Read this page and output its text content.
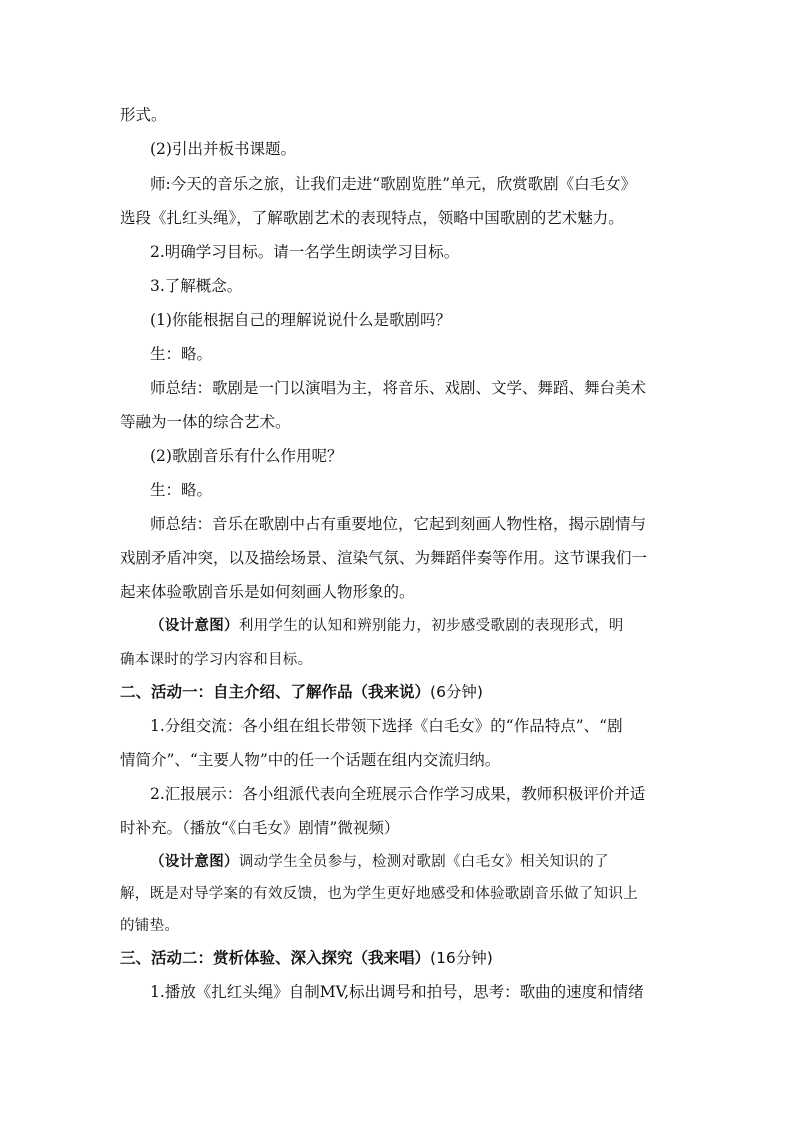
形式。
(2)引出并板书课题。
师:今天的音乐之旅，让我们走进“歌剧览胜”单元，欣赏歌剧《白毛女》
选段《扎红头绳》，了解歌剧艺术的表现特点，领略中国歌剧的艺术魅力。
2.明确学习目标。请一名学生朗读学习目标。
3.了解概念。
(1)你能根据自己的理解说说什么是歌剧吗？
生：略。
师总结：歌剧是一门以演唱为主，将音乐、戏剧、文学、舞蹈、舞台美术
等融为一体的综合艺术。
(2)歌剧音乐有什么作用呢？
生：略。
师总结：音乐在歌剧中占有重要地位，它起到刻画人物性格，揭示剧情与
戏剧矛盾冲突，以及描绘场景、渲染气氛、为舞蹈伴奏等作用。这节课我们一
起来体验歌剧音乐是如何刻画人物形象的。
（设计意图）利用学生的认知和辨别能力，初步感受歌剧的表现形式，明
确本课时的学习内容和目标。
二、活动一：自主介绍、了解作品（我来说）(6分钟)
1.分组交流：各小组在组长带领下选择《白毛女》的“作品特点”、“剧
情简介”、“主要人物”中的任一个话题在组内交流归纳。
2.汇报展示：各小组派代表向全班展示合作学习成果，教师积极评价并适
时补充。（播放“《白毛女》剧情”微视频）
（设计意图）调动学生全员参与，检测对歌剧《白毛女》相关知识的了
解，既是对导学案的有效反馈，也为学生更好地感受和体验歌剧音乐做了知识上
的铺垫。
三、活动二：赏析体验、深入探究（我来唱）(16分钟)
1.播放《扎红头绳》自制MV,标出调号和拍号，思考：歌曲的速度和情绪
